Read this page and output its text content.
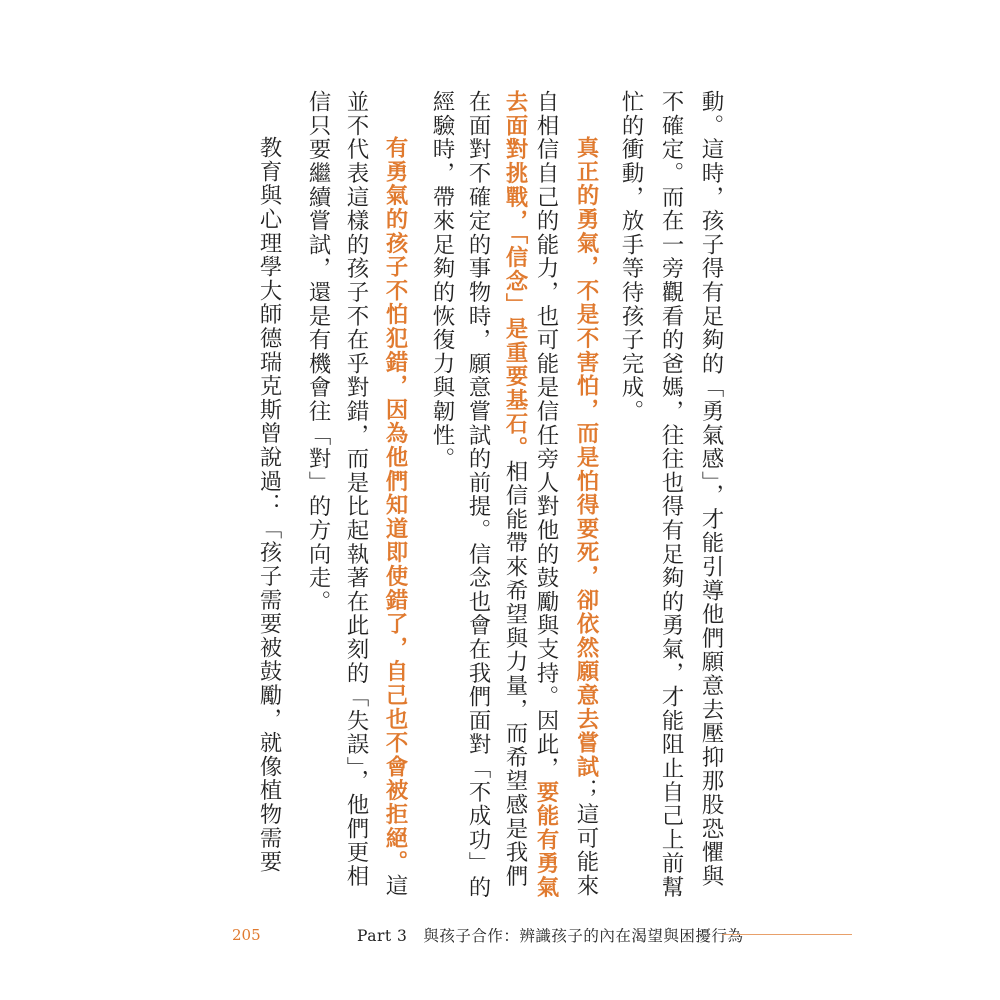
動。這時，孩子得有足夠的「勇氣感」，才能引導他們願意去壓抑那股恐懼與
不確定。而在一旁觀看的爸媽，往往也得有足夠的勇氣，才能阻止自己上前幫
忙的衝動，放手等待孩子完成。
真正的勇氣，不是不害怕，而是怕得要死，卻依然願意去嘗試；這可能來
自相信自己的能力，也可能是信任旁人對他的鼓勵與支持。因此，要能有勇氣
去面對挑戰，「信念」是重要基石。相信能帶來希望與力量，而希望感是我們
在面對不確定的事物時，願意嘗試的前提。信念也會在我們面對「不成功」的
經驗時，帶來足夠的恢復力與韌性。
有勇氣的孩子不怕犯錯，因為他們知道即使錯了，自己也不會被拒絕。這
並不代表這樣的孩子不在乎對錯，而是比起執著在此刻的「失誤」，他們更相
信只要繼續嘗試，還是有機會往「對」的方向走。
教育與心理學大師德瑞克斯曾說過：「孩子需要被鼓勵，就像植物需要
205	Part 3　與孩子合作：辨識孩子的內在渴望與困擾行為
